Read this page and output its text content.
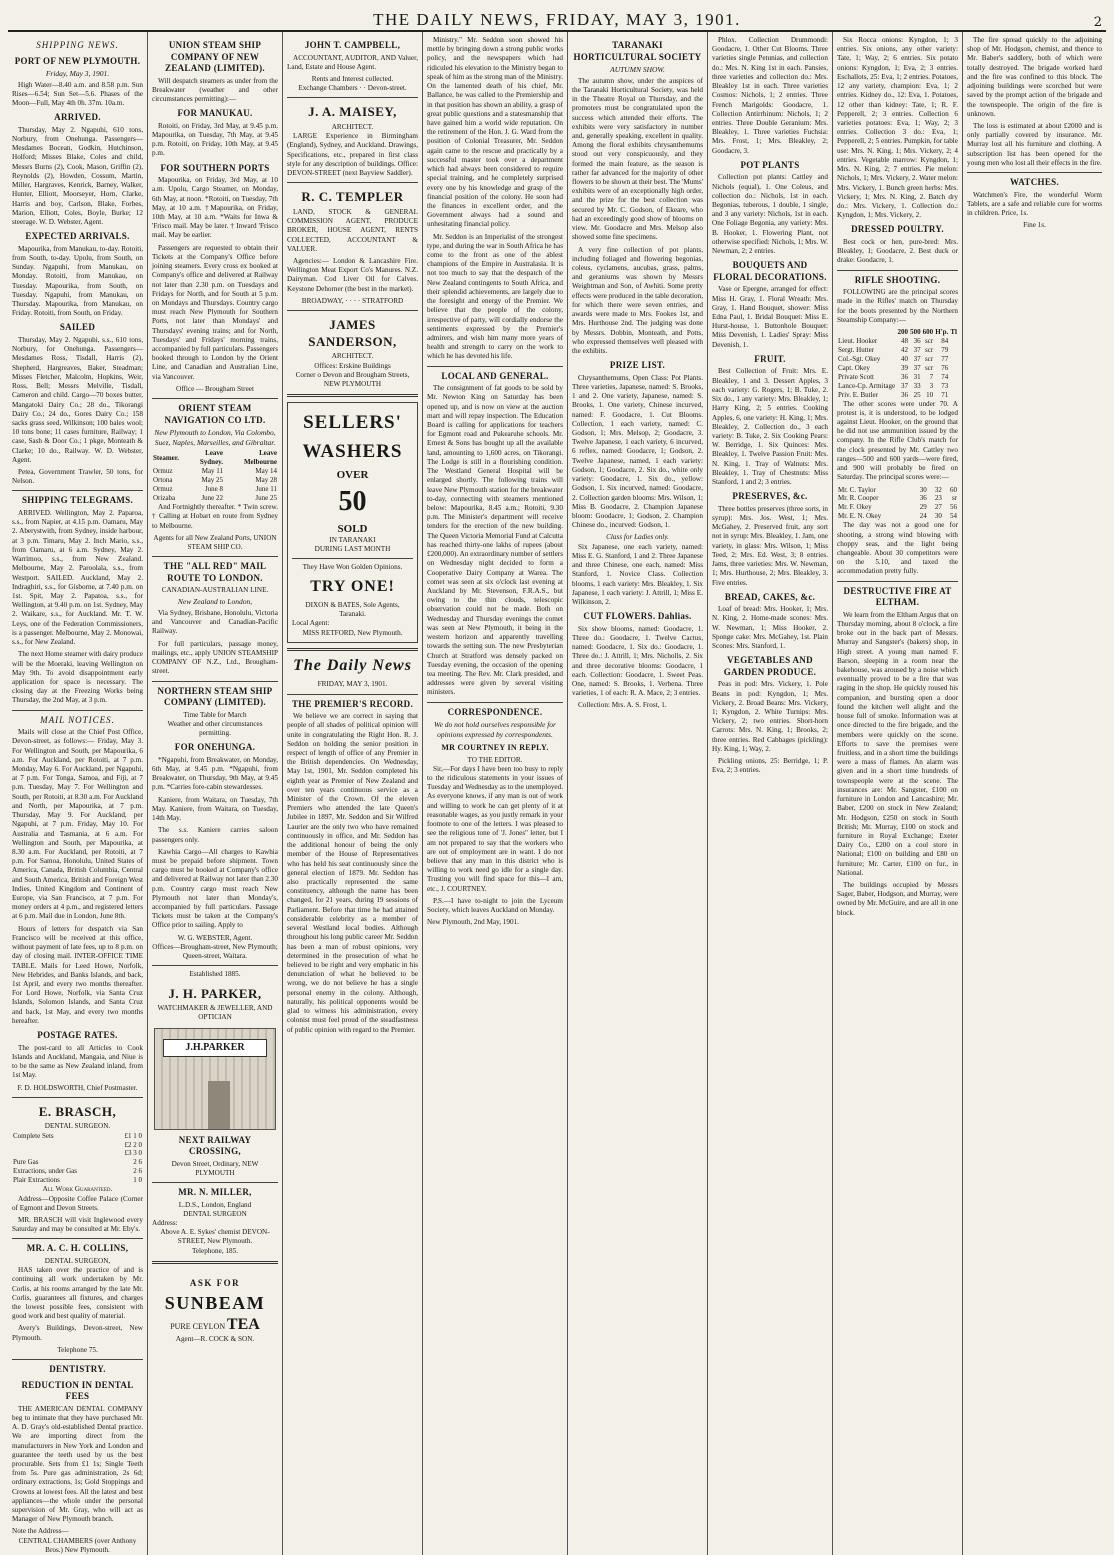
THE DAILY NEWS, FRIDAY, MAY 3, 1901.	2
SHIPPING NEWS.
PORT OF NEW PLYMOUTH.
Friday, May 3, 1901.

High Water—8.40 a.m. and 8.58 p.m. Sun Rises—6.54; Sun Set—5.6. Phases of the Moon—Full, May 4th 0h. 37m. 10a.m.

ARRIVED.

Thursday, May 2. Ngapuhi, 610 tons, Norbury, from Onehunga. Passengers—Mesdames Bocean, Godkin, Hutchinson, Holford; Misses Blake, Coles and child, Messrs Burns (2), Cook, Mason, Griffin (2), Reynolds (2), Howden, Cossum, Martin, Miller, Hargraves, Kenrick, Barney, Walker, Hunter, Elliott, Moorseyer, Horn, Clarke, Harris and boy, Carlson, Blake, Forbes, Marion, Elliott, Coles, Boyle, Burke; 12 steerage. W. D. Webster, Agent.

EXPECTED ARRIVALS.

Mapourika, from Manukau, to-day. Rotoiti, from South, to-day. Upolu, from South, on Sunday. Ngapuhi, from Manukau, on Monday. Rotoiti, from Manukau, on Tuesday. Mapourika, from South, on Tuesday. Ngapuhi, from Manukau, on Thursday. Mapourika, from Manukau, on Friday. Rotoiti, from South, on Friday.

SAILED

Thursday, May 2. Ngapuhi, s.s., 610 tons, Norbury, for Onehunga. Passengers—Mesdames Ross, Tisdall, Harris (2), Shepherd, Hargreaves, Baker, Steadman; Misses Fletcher, Malcolm, Hopkins, Weir, Ross, Bell; Messrs Melville, Tisdall, Cameron and child. Cargo—70 boxes butter, Mangatoki Dairy Co.; 28 do., Tikorangi Dairy Co.; 24 do., Gores Dairy Co.; 158 sacks grass seed, Wilkinson; 100 bales wool; 10 tons bone; 11 cases furniture, Railway; 1 case, Sash & Door Co.; 1 pkge, Monteath & Clarke; 10 do., Railway. W. D. Webster, Agent.

Petea, Government Trawler, 50 tons, for Nelson.

SHIPPING TELEGRAMS.

ARRIVED. Wellington, May 2. Paparoa, s.s., from Napier, at 4.15 p.m. Oamaru, May 2. Aberystwith, from Sydney, inside harbour, at 3 p.m. Timaru, May 2. Inch Mario, s.s., from Oamaru, at 6 a.m. Sydney, May 2. Warrimoo, s.s., from New Zealand. Melbourne, May 2. Paroolala, s.s., from Westport. SAILED. Auckland, May 2. Indraghiri, s.s., for Gisborne, at 7.40 p.m. on 1st. Spit, May 2. Papatoa, s.s., for Wellington, at 9.40 p.m. on 1st. Sydney, May 2. Waikare, s.s., for Auckland. Mr. T. W. Leys, one of the Federation Commissioners, is a passenger. Melbourne, May 2. Monowai, s.s., for New Zealand.

The next Home steamer with dairy produce will be the Moeraki, leaving Wellington on May 9th. To avoid disappointment early application for space is necessary. The closing day at the Freezing Works being Thursday, the 2nd May, at 3 p.m.

MAIL NOTICES.

Mails will close at the Chief Post Office, Devon-street, as follows:— Friday, May 3. For Wellington and South, per Mapourika, 6 a.m. For Auckland, per Rotoiti, at 7 p.m. Monday, May 6. For Auckland, per Ngapuhi, at 7 p.m. For Tonga, Samoa, and Fiji, at 7 p.m. Tuesday, May 7. For Wellington and South, per Rotoiti, at 8.30 a.m. For Auckland and North, per Mapourika, at 7 p.m. Thursday, May 9. For Auckland, per Ngapuhi, at 7 p.m. Friday, May 10. For Australia and Tasmania, at 6 a.m. For Wellington and South, per Mapourika, at 8.30 a.m. For Auckland, per Rotoiti, at 7 p.m. For Samoa, Honolulu, United States of America, Canada, British Columbia, Central and South America, British and Foreign West Indies, United Kingdom and Continent of Europe, via San Francisco, at 7 p.m. For money orders at 4 p.m., and registered letters at 6 p.m. Mail due in London, June 8th.

Hours of letters for despatch via San Francisco will be received at this office, without payment of late fees, up to 8 p.m. on day of closing mail. INTER-OFFICE TIME TABLE. Mails for Leed Howe, Norfolk, New Hebrides, and Banks Islands, and back, 1st April, and every two months thereafter. For Lord Howe, Norfolk, via Santa Cruz Islands, Solomon Islands, and Santa Cruz and back, 1st May, and every two months hereafter.

POSTAGE RATES.

The post-card to all Articles to Cook Islands and Auckland, Mangaia, and Niue is to be the same as New Zealand inland, from 1st May.

F. D. HOLDSWORTH, Chief Postmaster.
E. BRASCH,
DENTAL SURGEON.
Complete Sets	£1 1 0
	£2 2 0
	£3 3 0
Pure Gas	2 6
Extractions, under Gas	2 6
Plair Extractions	1 0
All Work Guaranteed.

Address—Opposite Coffee Palace (Corner of Egmont and Devon Streets.

MR. BRASCH will visit Inglewood every Saturday and may be consulted at Mr. Eby's.

MR. A. C. H. COLLINS,
DENTAL SURGEON,

HAS taken over the practice of and is continuing all work undertaken by Mr. Corlis, at his rooms arranged by the late Mr. Corlis, guarantees all fixtures, and charges the lowest possible fees, consistent with good work and best quality of material.

Avery's Buildings, Devon-street, New Plymouth.

Telephone 75.
DENTISTRY.
REDUCTION IN DENTAL FEES

THE AMERICAN DENTAL COMPANY beg to intimate that they have purchased Mr. A. D. Gray's old-established Dental practice. We are importing direct from the manufacturers in New York and London and guarantee the teeth used by us the best procurable. Sets from £1 1s; Single Teeth from 5s. Pure gas administration, 2s 6d; ordinary extractions, 1s; Gold Stoppings and Crowns at lowest fees. All the latest and best appliances—the whole under the personal supervision of Mr. Gray, who will act as Manager of New Plymouth branch.

Note the Address—
CENTRAL CHAMBERS (over Anthony Bros.) New Plymouth.
UNION STEAM SHIP COMPANY OF NEW ZEALAND (LIMITED).

Will despatch steamers as under from the Breakwater (weather and other circumstances permitting):—

FOR MANUKAU.

Rotoiti, on Friday, 3rd May, at 9.45 p.m. Mapourika, on Tuesday, 7th May, at 9.45 p.m. Rotoiti, on Friday, 10th May, at 9.45 p.m.

FOR SOUTHERN PORTS

Mapourika, on Friday, 3rd May, at 10 a.m. Upolu, Cargo Steamer, on Monday, 6th May, at noon. *Rotoiti, on Tuesday, 7th May, at 10 a.m. †Mapourika, on Friday, 10th May, at 10 a.m. *Waits for Inwa & 'Frisco mail. May be later. † Inward 'Frisco mail. May be earlier.

Passengers are requested to obtain their Tickets at the Company's Office before joining steamers. Every cross ex booked at Company's office and delivered at Railway not later than 2.30 p.m. on Tuesdays and Fridays for North, and for South at 5 p.m. on Mondays and Thursdays. Country cargo must reach New Plymouth for Southern Ports, not later than Mondays' and Thursdays' evening trains; and for North, Tuesdays' and Fridays' morning trains, accompanied by full particulars. Passengers booked through to London by the Orient Line, and Canadian and Australian Line, via Vancouver.

Office — Brougham Street
ORIENT STEAM NAVIGATION CO LTD.
New Plymouth to London, Via Colombo, Suez, Naples, Marseilles, and Gibraltar.
Steamer.	Leave Sydney.	Leave Melbourne
Ormuz	May 11	May 14
Ortona	May 25	May 28
Ormuz	June 8	June 11
Orizaba	June 22	June 25

And Fortnightly thereafter. * Twin screw. † Calling at Hobart en route from Sydney to Melbourne.

Agents for all New Zealand Ports, UNION STEAM SHIP CO.
THE "ALL RED" MAIL ROUTE TO LONDON.
CANADIAN-AUSTRALIAN LINE.
New Zealand to London,

Via Sydney, Brisbane, Honolulu, Victoria and Vancouver and Canadian-Pacific Railway.

For full particulars, passage money, mailings, etc., apply UNION STEAMSHIP COMPANY OF N.Z., Ltd., Brougham-street.

NORTHERN STEAM SHIP COMPANY (LIMITED).
Time Table for March
Weather and other circumstances permitting.
FOR ONEHUNGA.

*Ngapuhi, from Breakwater, on Monday, 6th May, at 9.45 p.m. *Ngapuhi, from Breakwater, on Thursday, 9th May, at 9.45 p.m. *Carries fore-cabin stewardesses.

Kaniere, from Waitara, on Tuesday, 7th May. Kaniere, from Waitara, on Tuesday, 14th May.

The s.s. Kaniere carries saloon passengers only.

Kawhia Cargo—All charges to Kawhia must be prepaid before shipment. Town cargo must be booked at Company's office and delivered at Railway not later than 2.30 p.m. Country cargo must reach New Plymouth not later than Monday's, accompanied by full particulars. Passage Tickets must be taken at the Company's Office prior to sailing. Apply to

W. G. WEBSTER, Agent.
Offices—Brougham-street, New Plymouth; Queen-street, Waitara.
Established 1885.
J. H. PARKER,
WATCHMAKER & JEWELLER, AND OPTICIAN
J.H.PARKER
NEXT RAILWAY CROSSING,
Devon Street, Ordinary, NEW PLYMOUTH
MR. N. MILLER,
L.D.S., London, England
DENTAL SURGEON
Address:
Above A. E. Sykes' chemist DEVON-STREET, New Plymouth.
Telephone, 185.
ASK FOR SUNBEAM
PURE CEYLON TEA
Agent—R. COCK & SON.
JOHN T. CAMPBELL,

ACCOUNTANT, AUDITOR, AND Valuer, Land, Estate and House Agent.

Rents and Interest collected.
Exchange Chambers · · Devon-street.
J. A. MAISEY,
ARCHITECT.

LARGE Experience in Birmingham (England), Sydney, and Auckland. Drawings, Specifications, etc., prepared in first class style for any description of buildings. Office: DEVON-STREET (next Bayview Saddler).

R. C. TEMPLER

LAND, STOCK & GENERAL COMMISSION AGENT, PRODUCE BROKER, HOUSE AGENT, RENTS COLLECTED, ACCOUNTANT & VALUER.

Agencies:— London & Lancashire Fire. Wellington Meat Export Co's Manures. N.Z. Dairyman. Cod Liver Oil for Calves. Keystone Dehorner (the best in the market).

BROADWAY, · · · · STRATFORD
JAMES SANDERSON,
ARCHITECT.
Offices: Erskine Buildings
Corner o Devon and Brougham Streets, NEW PLYMOUTH
SELLERS'
WASHERS
OVER
50
SOLD
IN TARANAKI
DURING LAST MONTH
They Have Won Golden Opinions.
TRY ONE!
DIXON & BATES, Sole Agents, Taranaki.
Local Agent:
MISS RETFORD, New Plymouth.
The Daily News
FRIDAY, MAY 3, 1901.
THE PREMIER'S RECORD.

We believe we are correct in saying that people of all shades of political opinion will unite in congratulating the Right Hon. R. J. Seddon on holding the senior position in respect of length of office of any Premier in the British dependencies. On Wednesday, May 1st, 1901, Mr. Seddon completed his eighth year as Premier of New Zealand and over ten years continuous service as a Minister of the Crown. Of the eleven Premiers who attended the late Queen's Jubilee in 1897, Mr. Seddon and Sir Wilfred Laurier are the only two who have remained continuously in office, and Mr. Seddon has the additional honour of being the only member of the House of Representatives who has held his seat continuously since the general election of 1879. Mr. Seddon has also practically represented the same constituency, although the name has been changed, for 21 years, during 19 sessions of Parliament. Before that time he had attained considerable celebrity as a member of several Westland local bodies. Although throughout his long public career Mr. Seddon has been a man of robust opinions, very determined in the prosecution of what he believed to be right and very emphatic in his denunciation of what he believed to be wrong, we do not believe he has a single personal enemy in the colony. Although, naturally, his political opponents would be glad to witness his administration, every colonist must feel proud of the steadfastness of public opinion with regard to the Premier.

Ministry." Mr. Seddon soon showed his mettle by bringing down a strong public works policy, and the newspapers which had ridiculed his elevation to the Ministry began to speak of him as the strong man of the Ministry. On the lamented death of his chief, Mr. Ballance, he was called to the Premiership and in that position has shown an ability, a grasp of great public questions and a statesmanship that have gained him a world wide reputation. On the retirement of the Hon. J. G. Ward from the position of Colonial Treasurer, Mr. Seddon again came to the rescue and practically by a successful master took over a department which had always been considered to require special training, and he completely surprised every one by his knowledge and grasp of the financial position of the colony. He soon had the finances in excellent order, and the Government always had a sound and unhesitating financial policy.

Mr. Seddon is an Imperialist of the strongest type, and during the war in South Africa he has come to the front as one of the ablest champions of the Empire in Australasia. It is not too much to say that the despatch of the New Zealand contingents to South Africa, and their splendid achievements, are largely due to the foresight and energy of the Premier. We believe that the people of the colony, irrespective of party, will cordially endorse the sentiments expressed by the Premier's admirers, and wish him many more years of health and strength to carry on the work to which he has devoted his life.

LOCAL AND GENERAL.

The consignment of fat goods to be sold by Mr. Newton King on Saturday has been opened up, and is now on view at the auction mart and will repay inspection. The Education Board is calling for applications for teachers for Egmont road and Pukearuhe schools. Mr. Ernest & Sons has bought up all the available land, amounting to 1,600 acres, on Tikorangi. The Lodge is still in a flourishing condition. The Westland General Hospital will be enlarged shortly. The following trains will leave New Plymouth station for the breakwater to-day, connecting with steamers mentioned below: Mapourika, 8.45 a.m.; Rotoiti, 9.30 p.m. The Minister's department will receive tenders for the erection of the new building. The Queen Victoria Memorial Fund at Calcutta has reached thirty-one lakhs of rupees (about £200,000). An extraordinary number of settlers on Wednesday night decided to form a Cooperative Dairy Company at Warea. The comet was seen at six o'clock last evening at Auckland by Mr. Stevenson, F.R.A.S., but owing to the thin clouds, telescopic observation could not be made. Both on Wednesday and Thursday evenings the comet was seen at New Plymouth, it being in the western horizon and apparently travelling towards the setting sun. The new Presbyterian Church at Stratford was densely packed on Tuesday evening, the occasion of the opening tea meeting. The Rev. Mr. Clark presided, and addresses were given by several visiting ministers.

CORRESPONDENCE.
We do not hold ourselves responsible for opinions expressed by correspondents.
MR COURTNEY IN REPLY.
TO THE EDITOR.

Sir,—For days I have been too busy to reply to the ridiculous statements in your issues of Tuesday and Wednesday as to the unemployed. As everyone knows, if any man is out of work and willing to work he can get plenty of it at reasonable wages, as you justly remark in your footnote to one of the letters. I was pleased to see the religious tone of 'J. Jones'' letter, but I am not prepared to say that the workers who are out of employment are in want. I do not believe that any man in this district who is willing to work need go idle for a single day. Trusting you will find space for this—I am, etc., J. COURTNEY.

P.S.—I have to-night to join the Lyceum Society, which leaves Auckland on Monday.

New Plymouth, 2nd May, 1901.
TARANAKI HORTICULTURAL SOCIETY
AUTUMN SHOW.

The autumn show, under the auspices of the Taranaki Horticultural Society, was held in the Theatre Royal on Thursday, and the promoters must be congratulated upon the success which attended their efforts. The exhibits were very satisfactory in number and, generally speaking, excellent in quality. Among the floral exhibits chrysanthemums stood out very conspicuously, and they formed the main feature, as the season is rather far advanced for the majority of other flowers to be shown at their best. The 'Mums' exhibits were of an exceptionally high order, and the prize for the best collection was secured by Mr. C. Godson, of Ekeare, who had an exceedingly good show of blooms on view. Mr. Goodacre and Mrs. Melsop also showed some fine specimens.

A very fine collection of pot plants, including foliaged and flowering begonias, coleus, cyclamens, aucubas, grass, palms, and geraniums was shown by Messrs Weightman and Son, of Awhiti. Some pretty effects were produced in the table decoration, for which there were seven entries, and awards were made to Mrs. Fookes 1st, and Mrs. Hurthouse 2nd. The judging was done by Messrs. Dobbin, Monteath, and Potts, who expressed themselves well pleased with the exhibits.

PRIZE LIST.

Chrysanthemums, Open Class: Pot Plants. Three varieties, Japanese, named: S. Brooks, 1 and 2. One variety, Japanese, named: S. Brooks, 1. One variety, Chinese incurved, named: F. Goodacre, 1. Cut Blooms. Collection, 1 each variety, named: C. Godson, 1; Mrs. Melsop, 2; Goodacre, 3. Twelve Japanese, 1 each variety, 6 incurved, 6 reflex, named: Goodacre, 1; Godson, 2. Twelve Japanese, named, 1 each variety: Godson, 1; Goodacre, 2. Six do., white only variety: Goodacre, 1. Six do., yellow: Godson, 1. Six incurved, named: Goodacre, 2. Collection garden blooms: Mrs. Wilson, 1; Miss B. Goodacre, 2. Champion Japanese bloom: Goodacre, 1; Godson, 2. Champion Chinese do., incurved: Godson, 1.

Class for Ladies only.

Six Japanese, one each variety, named: Miss E. G. Stanford, 1 and 2. Three Japanese and three Chinese, one each, named: Miss Stanford, 1. Novice Class. Collection blooms, 1 each variety: Mrs. Bleakley, 1. Six Japanese, 1 each variety: J. Attrill, 1; Miss E. Wilkinson, 2.

CUT FLOWERS. Dahlias.

Six show blooms, named: Goodacre, 1. Three do.: Goodacre, 1. Twelve Cactus, named: Goodacre, 1. Six do.: Goodacre, 1. Three do.: J. Attrill, 1; Mrs. Nicholls, 2. Six and three decorative blooms: Goodacre, 1 each. Collection: Goodacre, 1. Sweet Peas. One, named: S. Brooks, 1. Verbena. Three varieties, 1 of each: R. A. Mace, 2; 3 entries.

Collection: Mrs. A. S. Frost, 1.

Phlox. Collection Drummondi: Goodacre, 1. Other Cut Blooms. Three varieties single Petunias, and collection do.: Mrs. N. King 1st in each. Pansies, three varieties and collection do.: Mrs. Bleakley 1st in each. Three varieties Cosmos: Nichols, 1; 2 entries. Three French Marigolds: Goodacre, 1. Collection Antirrhinum: Nichols, 1; 2 entries. Three Double Geranium: Mrs. Bleakley, 1. Three varieties Fuchsia: Mrs. Frost, 1; Mrs. Bleakley, 2; Goodacre, 3.

POT PLANTS

Collection pot plants: Cattley and Nichols (equal), 1. One Coleus, and collection do.: Nichols, 1st in each. Begonias, tuberous, 1 double, 1 single, and 3 any variety: Nichols, 1st in each. One Foliage Begonia, any variety: Mrs. B. Hooker, 1. Flowering Plant, not otherwise specified: Nichols, 1; Mrs. W. Newman, 2; 2 entries.

BOUQUETS AND FLORAL DECORATIONS.

Vase or Epergne, arranged for effect: Miss H. Gray, 1. Floral Wreath: Mrs. Gray, 1. Hand Bouquet, shower: Miss Edna Paul, 1. Bridal Bouquet: Miss E. Hurst-house, 1. Buttonhole Bouquet: Miss Devenish, 1. Ladies' Spray: Miss Devenish, 1.

FRUIT.

Best Collection of Fruit: Mrs. E. Bleakley, 1 and 3. Dessert Apples, 3 each variety: G. Rogers, 1; B. Tuke, 2. Six do., 1 any variety: Mrs. Bleakley, 1; Harry King, 2; 5 entries. Cooking Apples, 6, one variety: H. King, 1; Mrs. Bleakley, 2. Collection do., 3 each variety: B. Tuke, 2. Six Cooking Pears: W. Berridge, 1. Six Quinces: Mrs. Bleakley, 1. Twelve Passion Fruit: Mrs. N. King, 1. Tray of Walnuts: Mrs. Bleakley, 1. Tray of Chestnuts: Miss Stanford, 1 and 2; 3 entries.

PRESERVES, &c.

Three bottles preserves (three sorts, in syrup): Mrs. Jos. West, 1; Mrs. McGahey, 2. Preserved fruit, any sort not in syrup: Mrs. Bleakley, 1. Jam, one variety, in glass: Mrs. Wilson, 1; Miss Teed, 2; Mrs. Ed. West, 3; 8 entries. Jams, three varieties: Mrs. W. Newman, 1; Mrs. Hurthouse, 2; Mrs. Bleakley, 3. Five entries.

BREAD, CAKES, &c.

Loaf of bread: Mrs. Hooker, 1; Mrs. N. King, 2. Home-made scones: Mrs. W. Newman, 1; Miss Hooker, 2. Sponge cake: Mrs. McGahey, 1st. Plain Scones: Mrs. Stanford, 1.

VEGETABLES AND GARDEN PRODUCE.

Peas in pod: Mrs. Vickery, 1. Pole Beans in pod: Kyngdon, 1; Mrs. Vickery, 2. Broad Beans: Mrs. Vickery, 1; Kyngdon, 2. White Turnips: Mrs. Vickery, 2; two entries. Short-horn Carrots: Mrs. N. King, 1; Brooks, 2; three entries. Red Cabbages (pickling): Hy. King, 1; Way, 2.

Pickling onions, 25: Berridge, 1; P. Eva, 2; 3 entries.

Six Rocca onions: Kyngdon, 1; 3 entries. Six onions, any other variety: Tate, 1; Way, 2; 6 entries. Six potato onions: Kyngdon, 1; Eva, 2; 3 entries. Eschallots, 25: Eva, 1; 2 entries. Potatoes, 12 any variety, champion: Eva, 1; 2 entries. Kidney do., 12: Eva, 1. Potatoes, 12 other than kidney: Tate, 1; R. F. Pepperell, 2; 3 entries. Collection 6 varieties potatoes: Eva, 1; Way, 2; 3 entries. Collection 3 do.: Eva, 1; Pepperell, 2; 5 entries. Pumpkin, for table use: Mrs. N. King, 1; Mrs. Vickery, 2; 4 entries. Vegetable marrow: Kyngdon, 1; Mrs. N. King, 2; 7 entries. Pie melon: Nichols, 1; Mrs. Vickery, 2. Water melon: Mrs. Vickery, 1. Bunch green herbs: Mrs. Vickery, 1; Mrs. N. King, 2. Batch dry do.: Mrs. Vickery, 1. Collection do.: Kyngdon, 1; Mrs. Vickery, 2.

DRESSED POULTRY.

Best cock or hen, pure-bred: Mrs. Bleakley, 1; Goodacre, 2. Best duck or drake: Goodacre, 1.

RIFLE SHOOTING.

FOLLOWING are the principal scores made in the Rifles' match on Thursday for the boots presented by the Northern Steamship Company:—

	200	500	600	H'p.	Tl
Lieut. Hooker	48	36	scr	84	
Sergt. Hutter	42	37	scr	79	
Col.-Sgt. Okey	40	37	scr	77	
Capt. Okey	39	37	scr	76	
Private Scott	36	31	7	74	
Lance-Cp. Armitage	37	33	3	73	
Priv. E. Butler	36	25	10	71	

The other scores were under 70. A protest is, it is understood, to be lodged against Lieut. Hooker, on the ground that he did not use ammunition issued by the company. In the Rifle Club's match for the clock presented by Mr. Cattley two ranges—500 and 600 yards—were fired, and 900 will probably be fired on Saturday. The principal scores were:—

Mr. C. Taylor	30	32	60
Mr. R. Cooper	36	23	sr
Mr. F. Okey	29	27	56
Mr. E. N. Okey	24	30	54

The day was not a good one for shooting, a strong wind blowing with choppy seas, and the light being changeable. About 30 competitors were on the 5.10, and taxed the accommodation pretty fully.

DESTRUCTIVE FIRE AT ELTHAM.

We learn from the Eltham Argus that on Thursday morning, about 8 o'clock, a fire broke out in the back part of Messrs. Murray and Sangster's (bakers) shop, in High street. A young man named F. Barson, sleeping in a room near the bakehouse, was aroused by a noise which eventually proved to be a fire that was raging in the shop. He quickly roused his companion, and bursting open a door found the kitchen well alight and the house full of smoke. Information was at once directed to the fire brigade, and the members were quickly on the scene. Efforts to save the premises were fruitless, and in a short time the buildings were a mass of flames. An alarm was given and in a short time hundreds of townspeople were at the scene. The insurances are: Mr. Sangster, £100 on furniture in London and Lancashire; Mr. Baber, £200 on stock in New Zealand; Mr. Hodgson, £250 on stock in South British; Mr. Murray, £100 on stock and furniture in Royal Exchange; Exeter Dairy Co., £200 on a cool store in National; £100 on building and £80 on furniture; Mr. Carter, £100 on fur., in National.

The buildings occupied by Messrs Sager, Baber, Hodgson, and Murray, were owned by Mr. McGuire, and are all in one block.

The fire spread quickly to the adjoining shop of Mr. Hodgson, chemist, and thence to Mr. Baber's saddlery, both of which were totally destroyed. The brigade worked hard and the fire was confined to this block. The adjoining buildings were scorched but were saved by the prompt action of the brigade and the townspeople. The origin of the fire is unknown.

The loss is estimated at about £2000 and is only partially covered by insurance. Mr. Murray lost all his furniture and clothing. A subscription list has been opened for the young men who lost all their effects in the fire.

WATCHES.

Watchmen's Fire, the wonderful Worm Tablets, are a safe and reliable cure for worms in children. Price, 1s.

Fine 1s.
